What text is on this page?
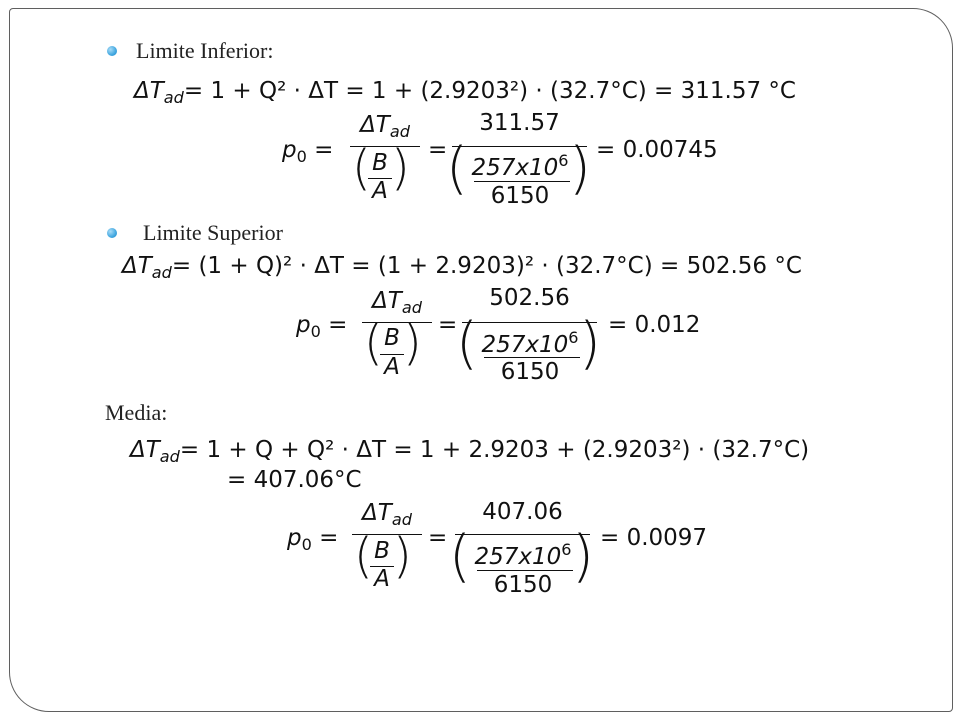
Limite Inferior:
$\Delta T_{ad}= 1 + Q^2 \cdot \Delta T = 1 + (2.9203^2) \cdot (32.7^\circ C) = 311.57$ °C
$p_0$ =
$\Delta T_{ad}$
( B
A ) =
311.57
( $257x10^6$
6150 ) = 0.00745
Limite Superior
$\Delta T_{ad}= (1 + Q)^2 \cdot \Delta T = (1 + 2.9203)^2 \cdot (32.7^\circ C) = 502.56$ °C
$p_0$ =
$\Delta T_{ad}$
( B
A ) =
502.56
( $257x10^6$
6150 ) = 0.012
Media:
$\Delta T_{ad}= 1 + Q + Q^2 \cdot \Delta T = 1 + 2.9203 + (2.9203^2) \cdot (32.7^\circ C)$
= 407.06°C
$p_0$ =
$\Delta T_{ad}$
( B
A ) =
407.06
( $257x10^6$
6150 ) = 0.0097
